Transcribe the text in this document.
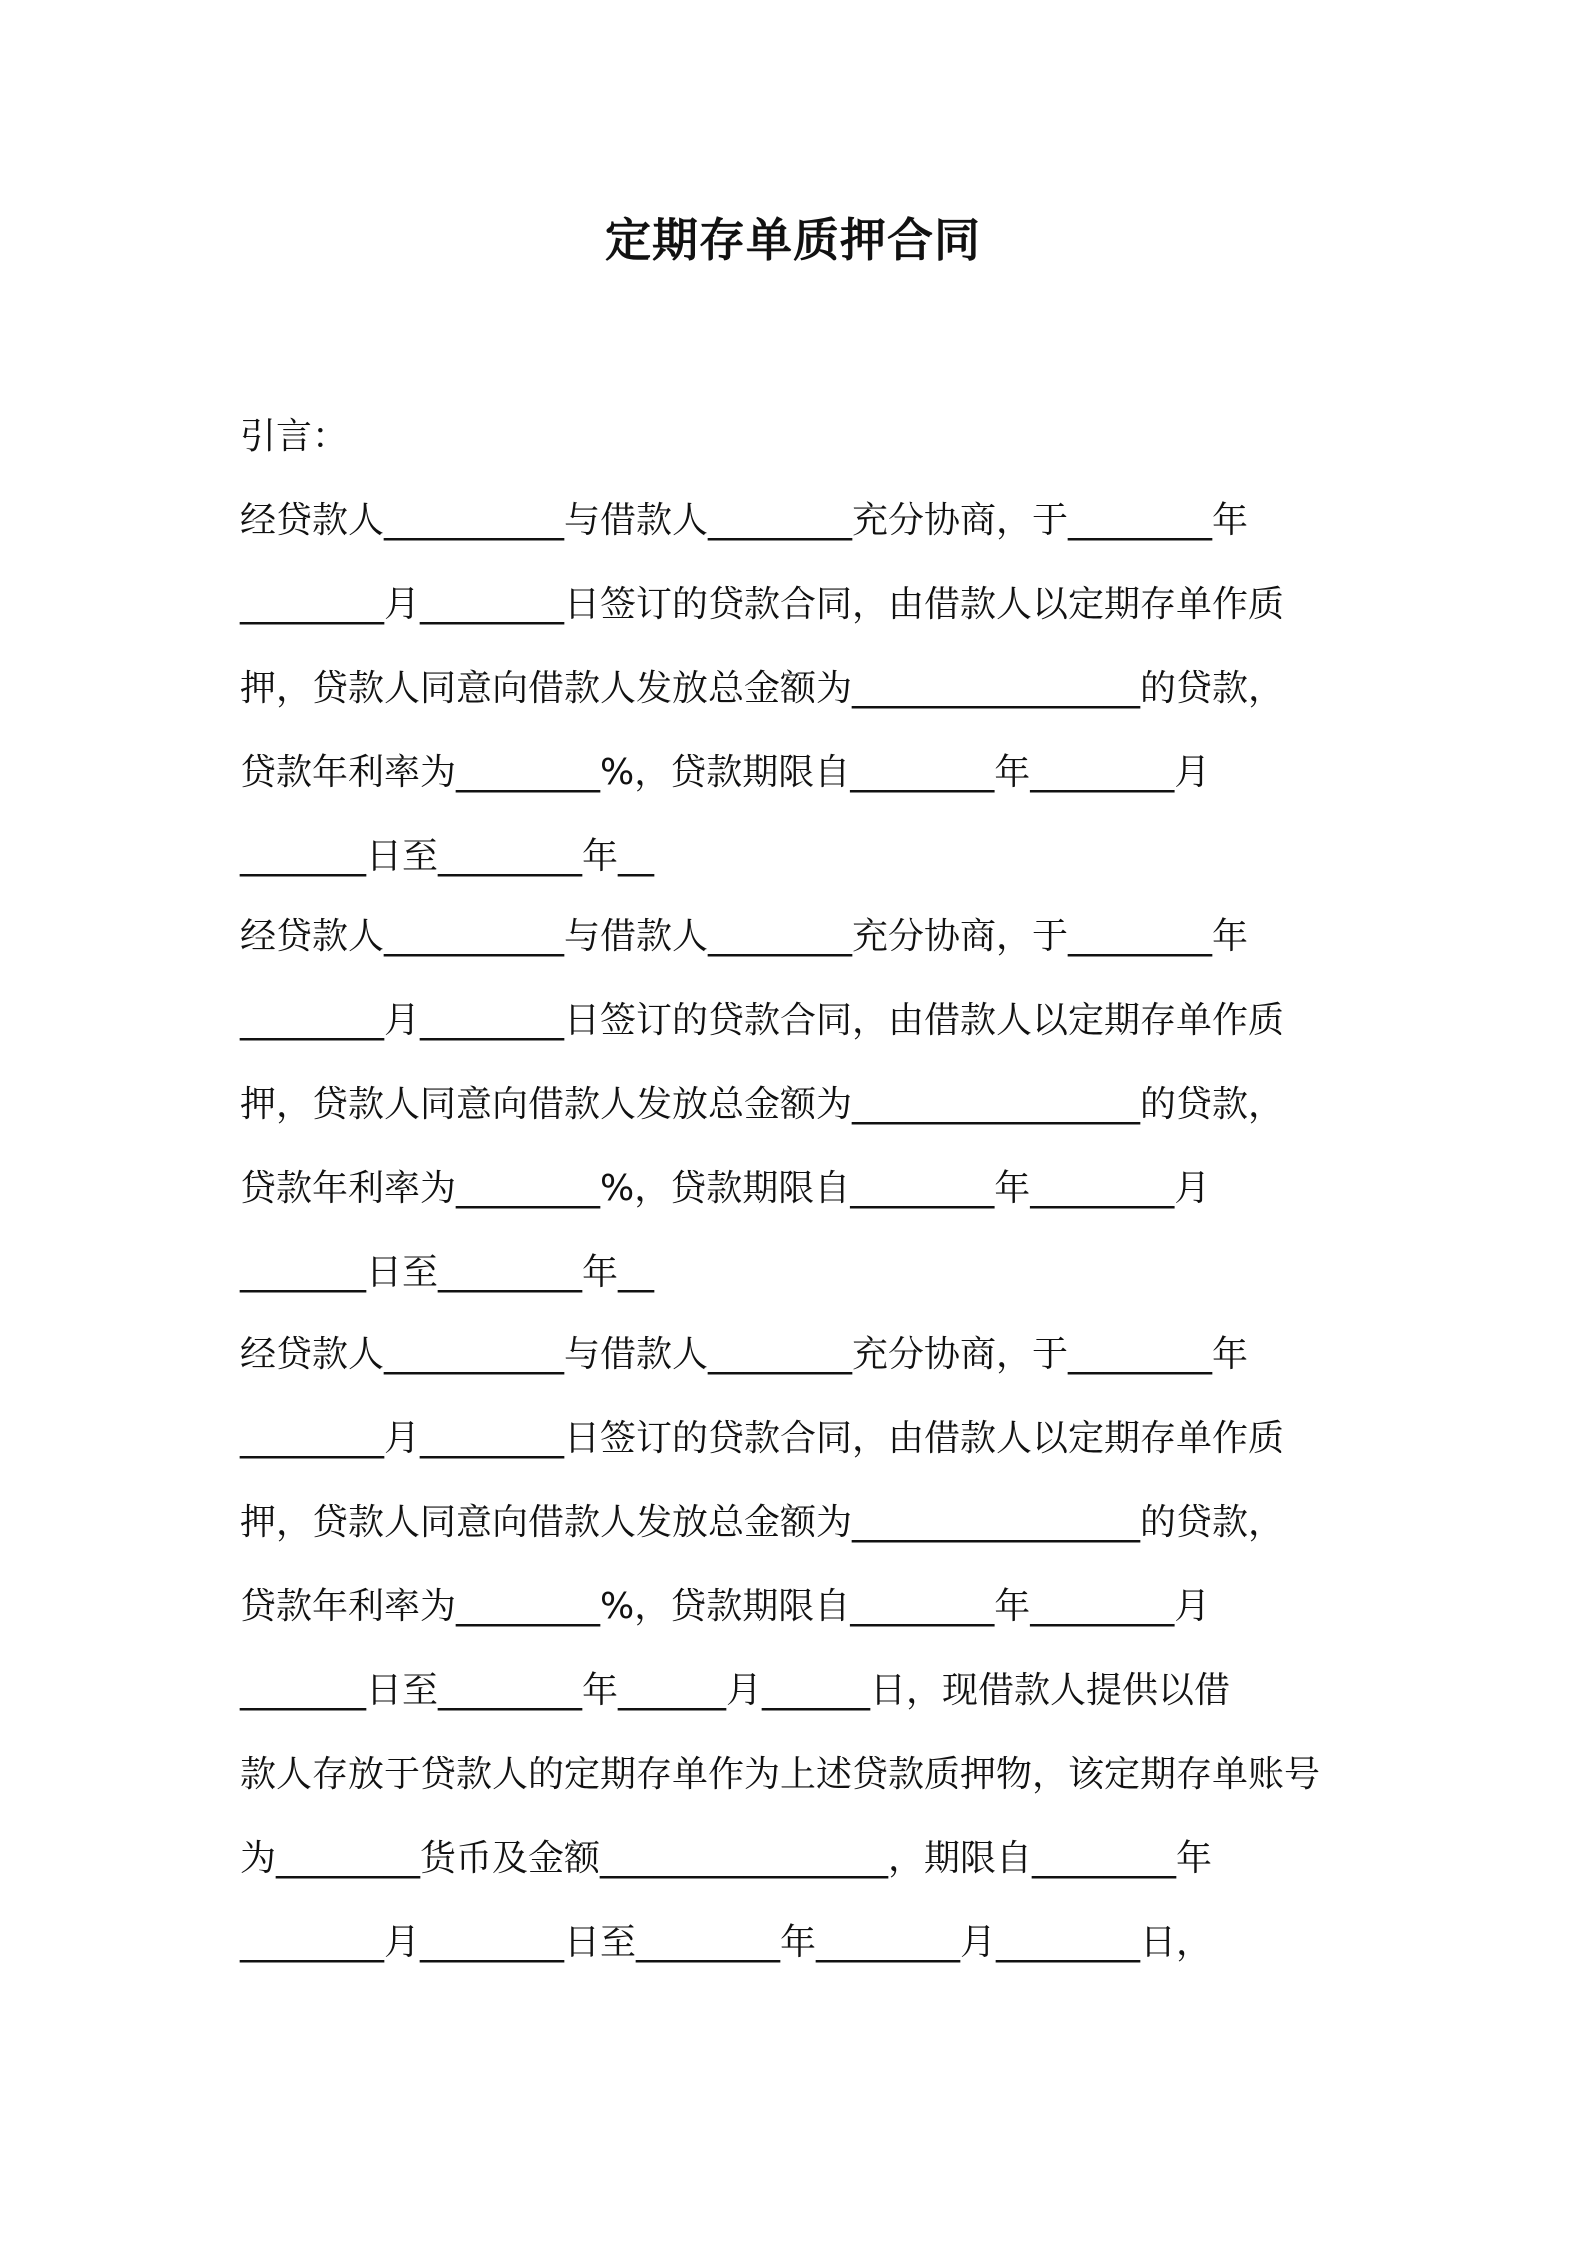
定期存单质押合同
引言：
经贷款人__________与借款人________充分协商，于________年
________月________日签订的贷款合同，由借款人以定期存单作质
押，贷款人同意向借款人发放总金额为________________的贷款，
贷款年利率为________%，贷款期限自________年________月
_______日至________年__
经贷款人__________与借款人________充分协商，于________年
________月________日签订的贷款合同，由借款人以定期存单作质
押，贷款人同意向借款人发放总金额为________________的贷款，
贷款年利率为________%，贷款期限自________年________月
_______日至________年__
经贷款人__________与借款人________充分协商，于________年
________月________日签订的贷款合同，由借款人以定期存单作质
押，贷款人同意向借款人发放总金额为________________的贷款，
贷款年利率为________%，贷款期限自________年________月
_______日至________年______月______日，现借款人提供以借
款人存放于贷款人的定期存单作为上述贷款质押物，该定期存单账号
为________货币及金额________________，期限自________年
________月________日至________年________月________日，
